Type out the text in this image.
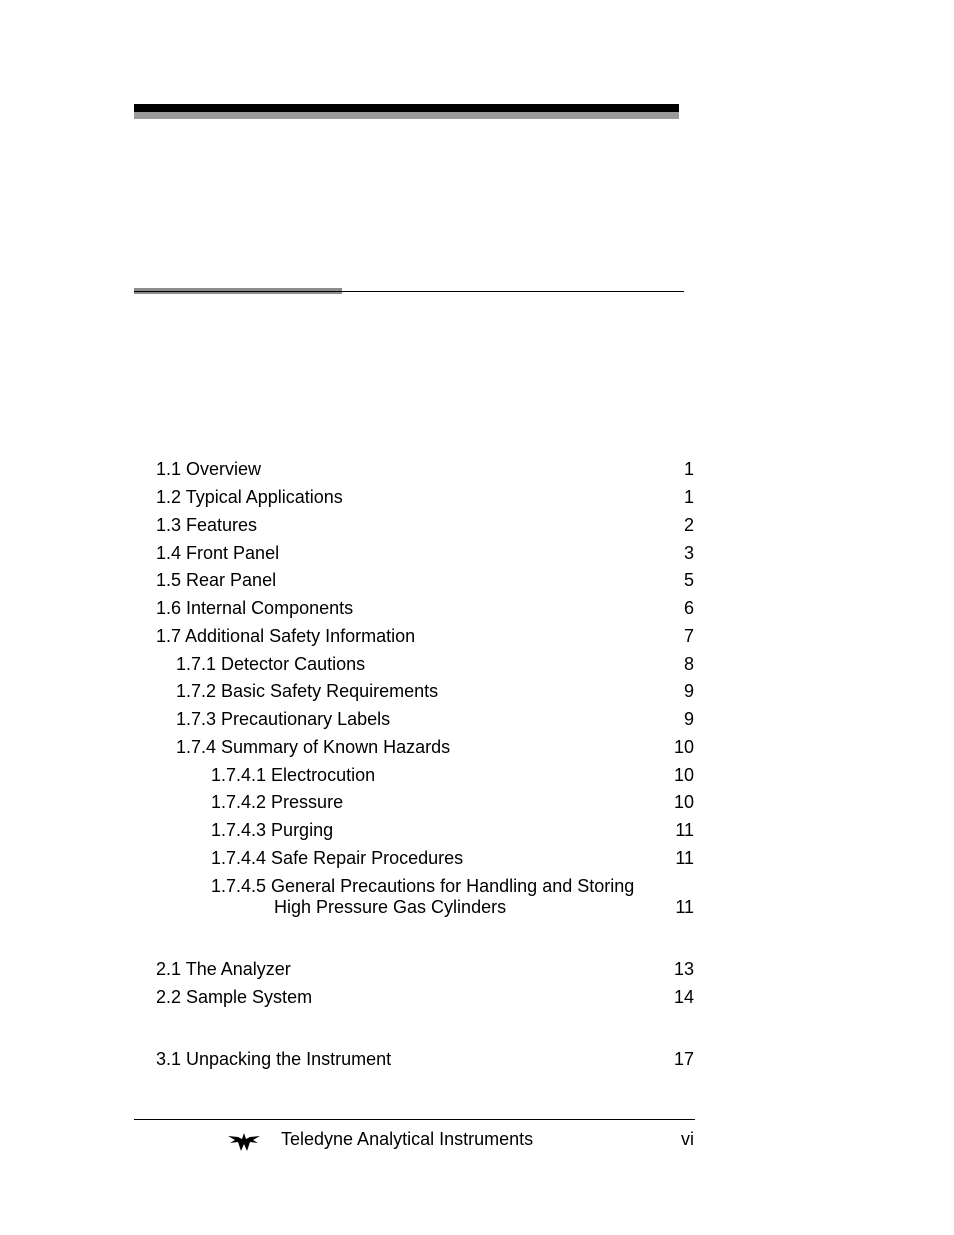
1.1 Overview	1
1.2 Typical Applications	1
1.3 Features	2
1.4 Front Panel	3
1.5 Rear Panel	5
1.6 Internal Components	6
1.7 Additional Safety Information	7
1.7.1 Detector Cautions	8
1.7.2 Basic Safety Requirements	9
1.7.3 Precautionary Labels	9
1.7.4 Summary of Known Hazards	10
1.7.4.1 Electrocution	10
1.7.4.2 Pressure	10
1.7.4.3 Purging	11
1.7.4.4 Safe Repair Procedures	11
1.7.4.5 General Precautions for Handling and Storing
High Pressure Gas Cylinders	11
2.1 The Analyzer	13
2.2 Sample System	14
3.1 Unpacking the Instrument	17
Teledyne Analytical Instruments	vi
